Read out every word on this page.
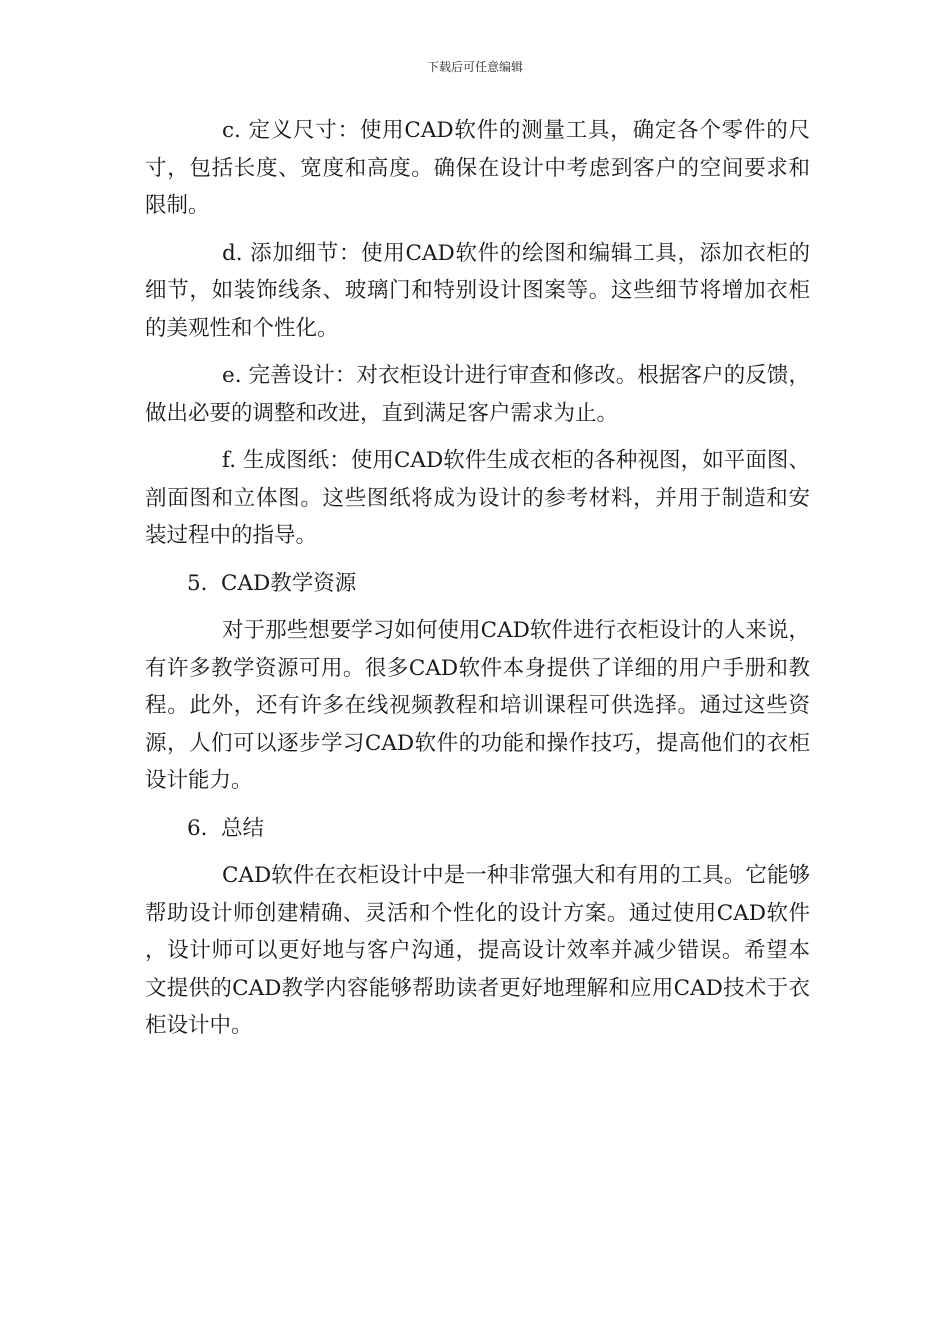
下载后可任意编辑

c. 定义尺寸：使用CAD软件的测量工具，确定各个零件的尺寸，包括长度、宽度和高度。确保在设计中考虑到客户的空间要求和限制。

d. 添加细节：使用CAD软件的绘图和编辑工具，添加衣柜的细节，如装饰线条、玻璃门和特别设计图案等。这些细节将增加衣柜的美观性和个性化。

e. 完善设计：对衣柜设计进行审查和修改。根据客户的反馈，做出必要的调整和改进，直到满足客户需求为止。

f. 生成图纸：使用CAD软件生成衣柜的各种视图，如平面图、剖面图和立体图。这些图纸将成为设计的参考材料，并用于制造和安装过程中的指导。

5. CAD教学资源

对于那些想要学习如何使用CAD软件进行衣柜设计的人来说，有许多教学资源可用。很多CAD软件本身提供了详细的用户手册和教程。此外，还有许多在线视频教程和培训课程可供选择。通过这些资源，人们可以逐步学习CAD软件的功能和操作技巧，提高他们的衣柜设计能力。

6. 总结

CAD软件在衣柜设计中是一种非常强大和有用的工具。它能够帮助设计师创建精确、灵活和个性化的设计方案。通过使用CAD软件，设计师可以更好地与客户沟通，提高设计效率并减少错误。希望本文提供的CAD教学内容能够帮助读者更好地理解和应用CAD技术于衣柜设计中。
